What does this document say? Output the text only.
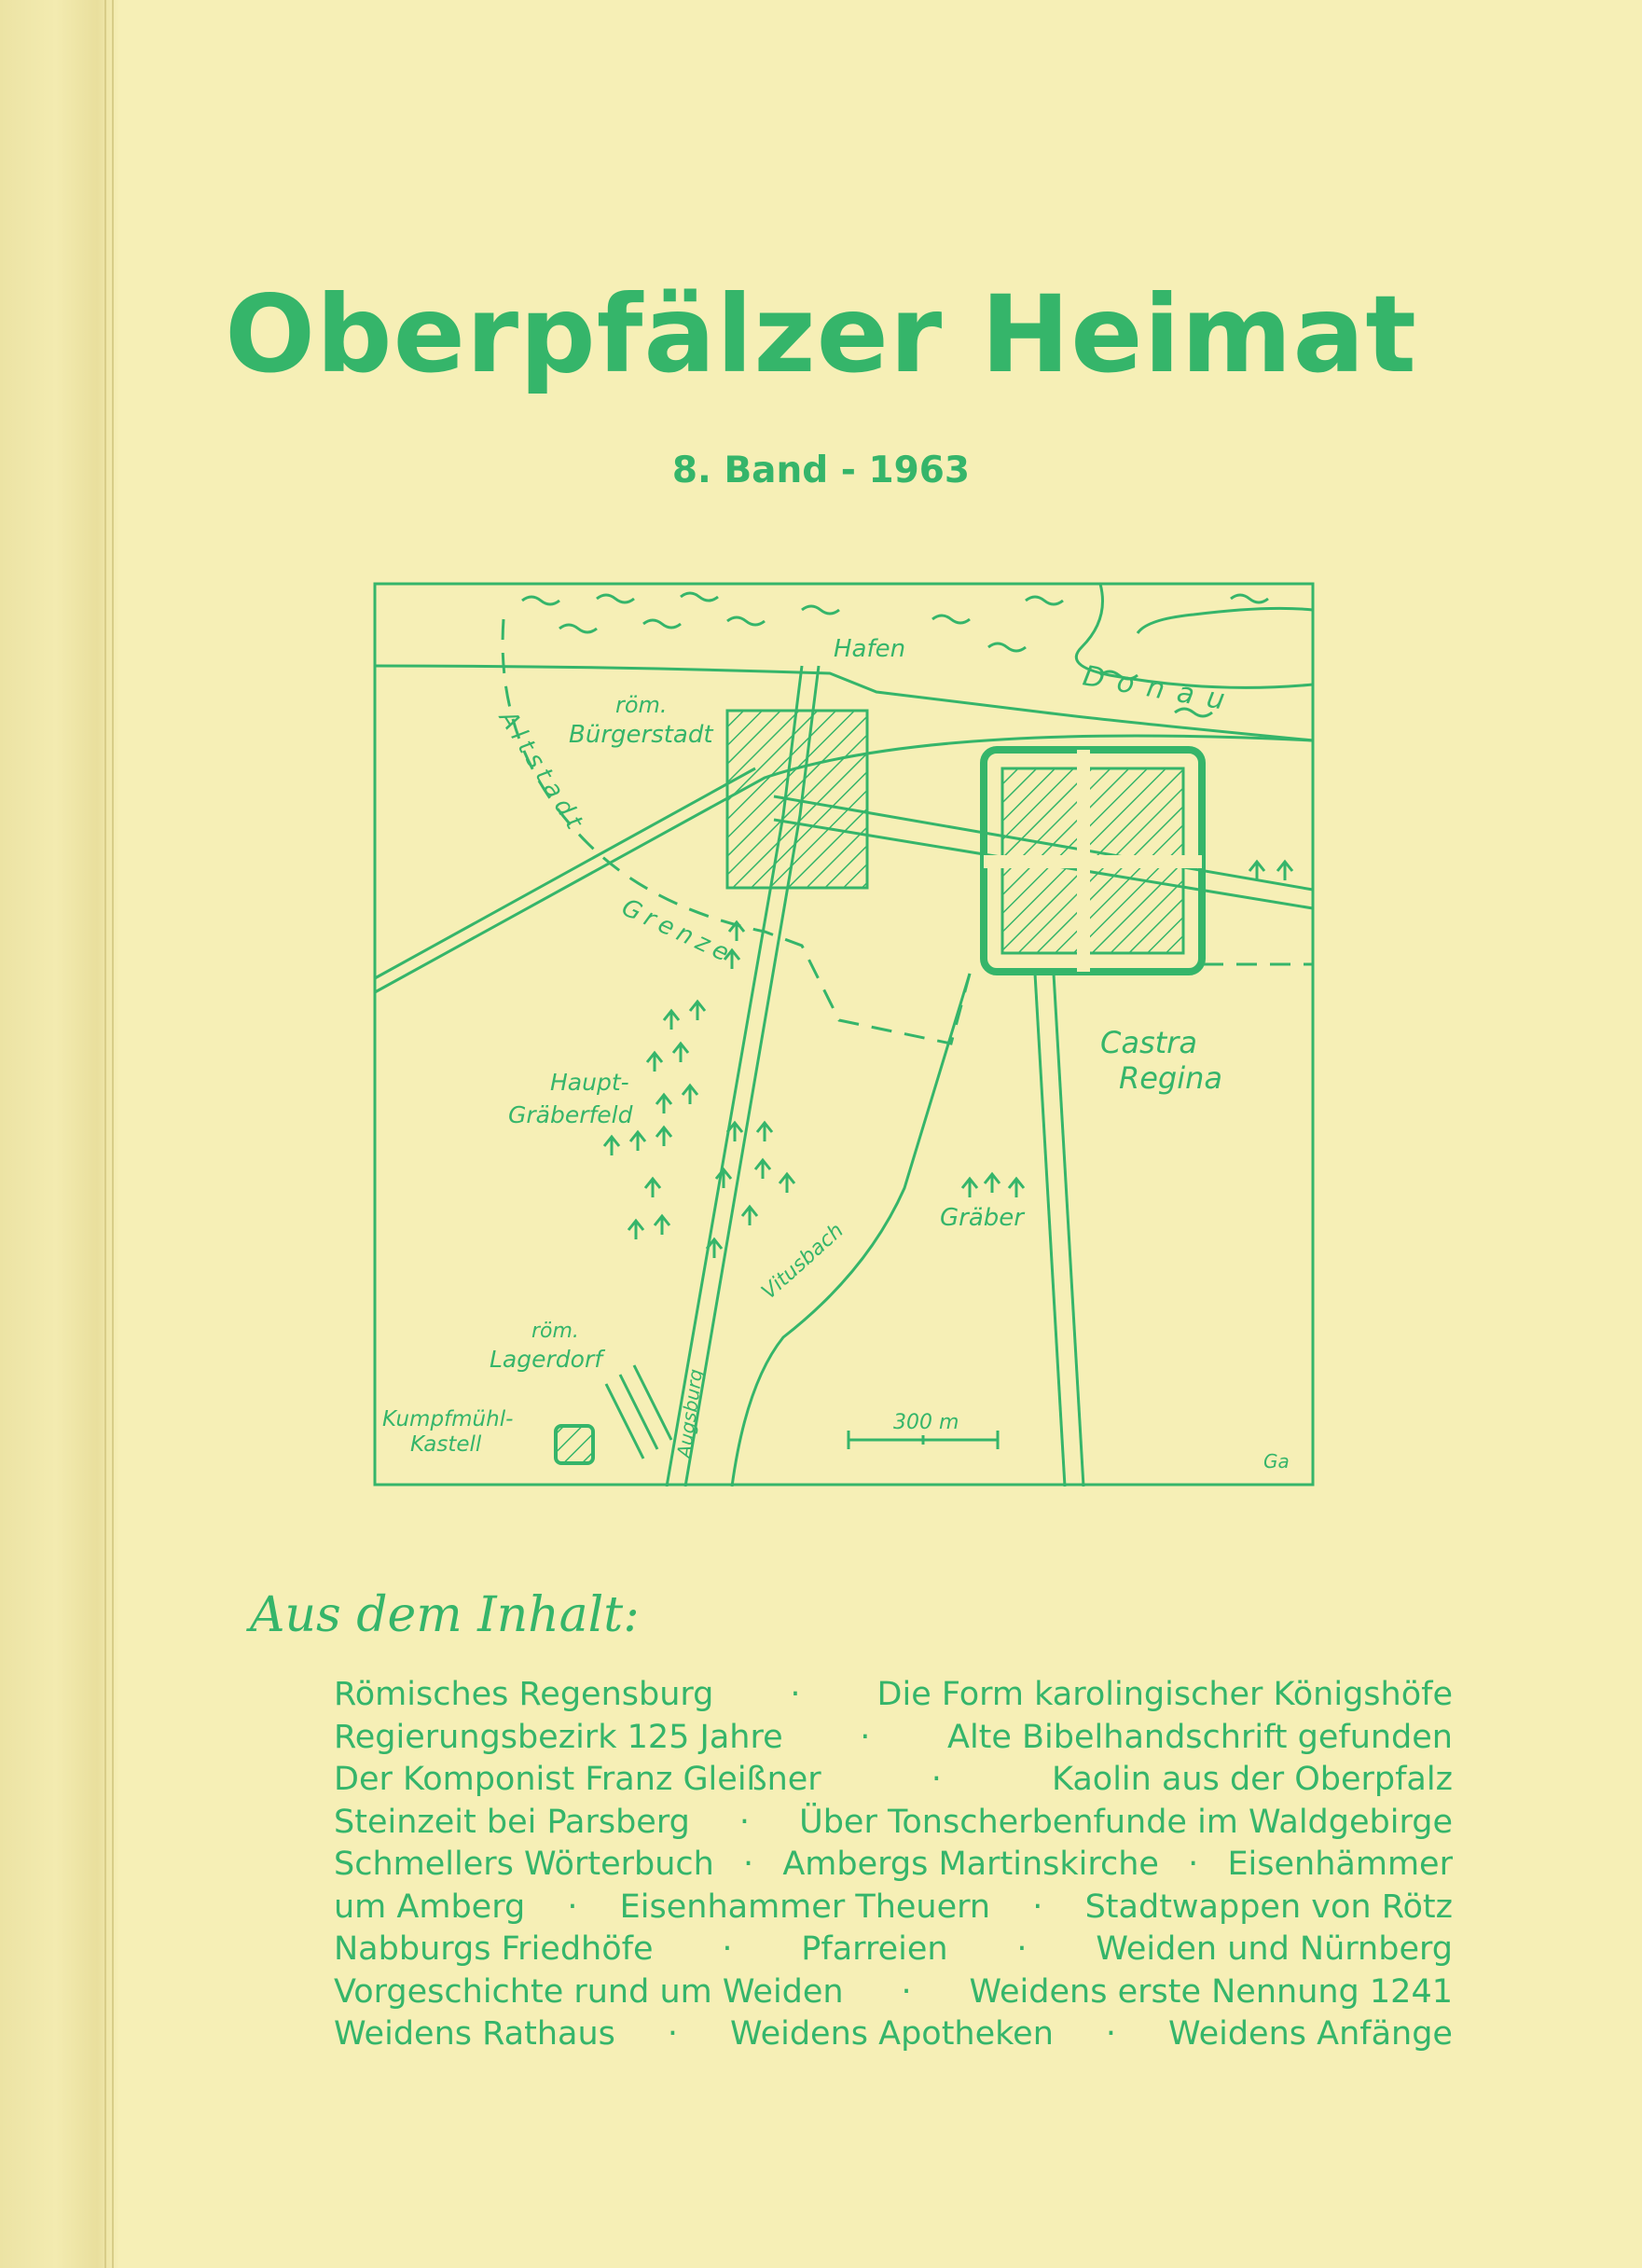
Oberpfälzer Heimat
8. Band - 1963
Hafen
Donau
röm.
Bürgerstadt
Altstadt
Grenze
Castra
Regina
Haupt-
Gräberfeld
Vitusbach
Gräber
röm.
Lagerdorf
Kumpfmühl-
Kastell	Augsburg	300 m
Ga
Aus dem Inhalt:
Römisches Regensburg · Die Form karolingischer Königshöfe
Regierungsbezirk 125 Jahre · Alte Bibelhandschrift gefunden
Der Komponist Franz Gleißner	·	Kaolin aus der Oberpfalz
Steinzeit bei Parsberg · Über Tonscherbenfunde im Waldgebirge
Schmellers Wörterbuch · Ambergs Martinskirche · Eisenhämmer
um Amberg · Eisenhammer Theuern · Stadtwappen von Rötz
Nabburgs Friedhöfe · Pfarreien · Weiden und Nürnberg
Vorgeschichte rund um Weiden · Weidens erste Nennung 1241
Weidens Rathaus · Weidens Apotheken · Weidens Anfänge
